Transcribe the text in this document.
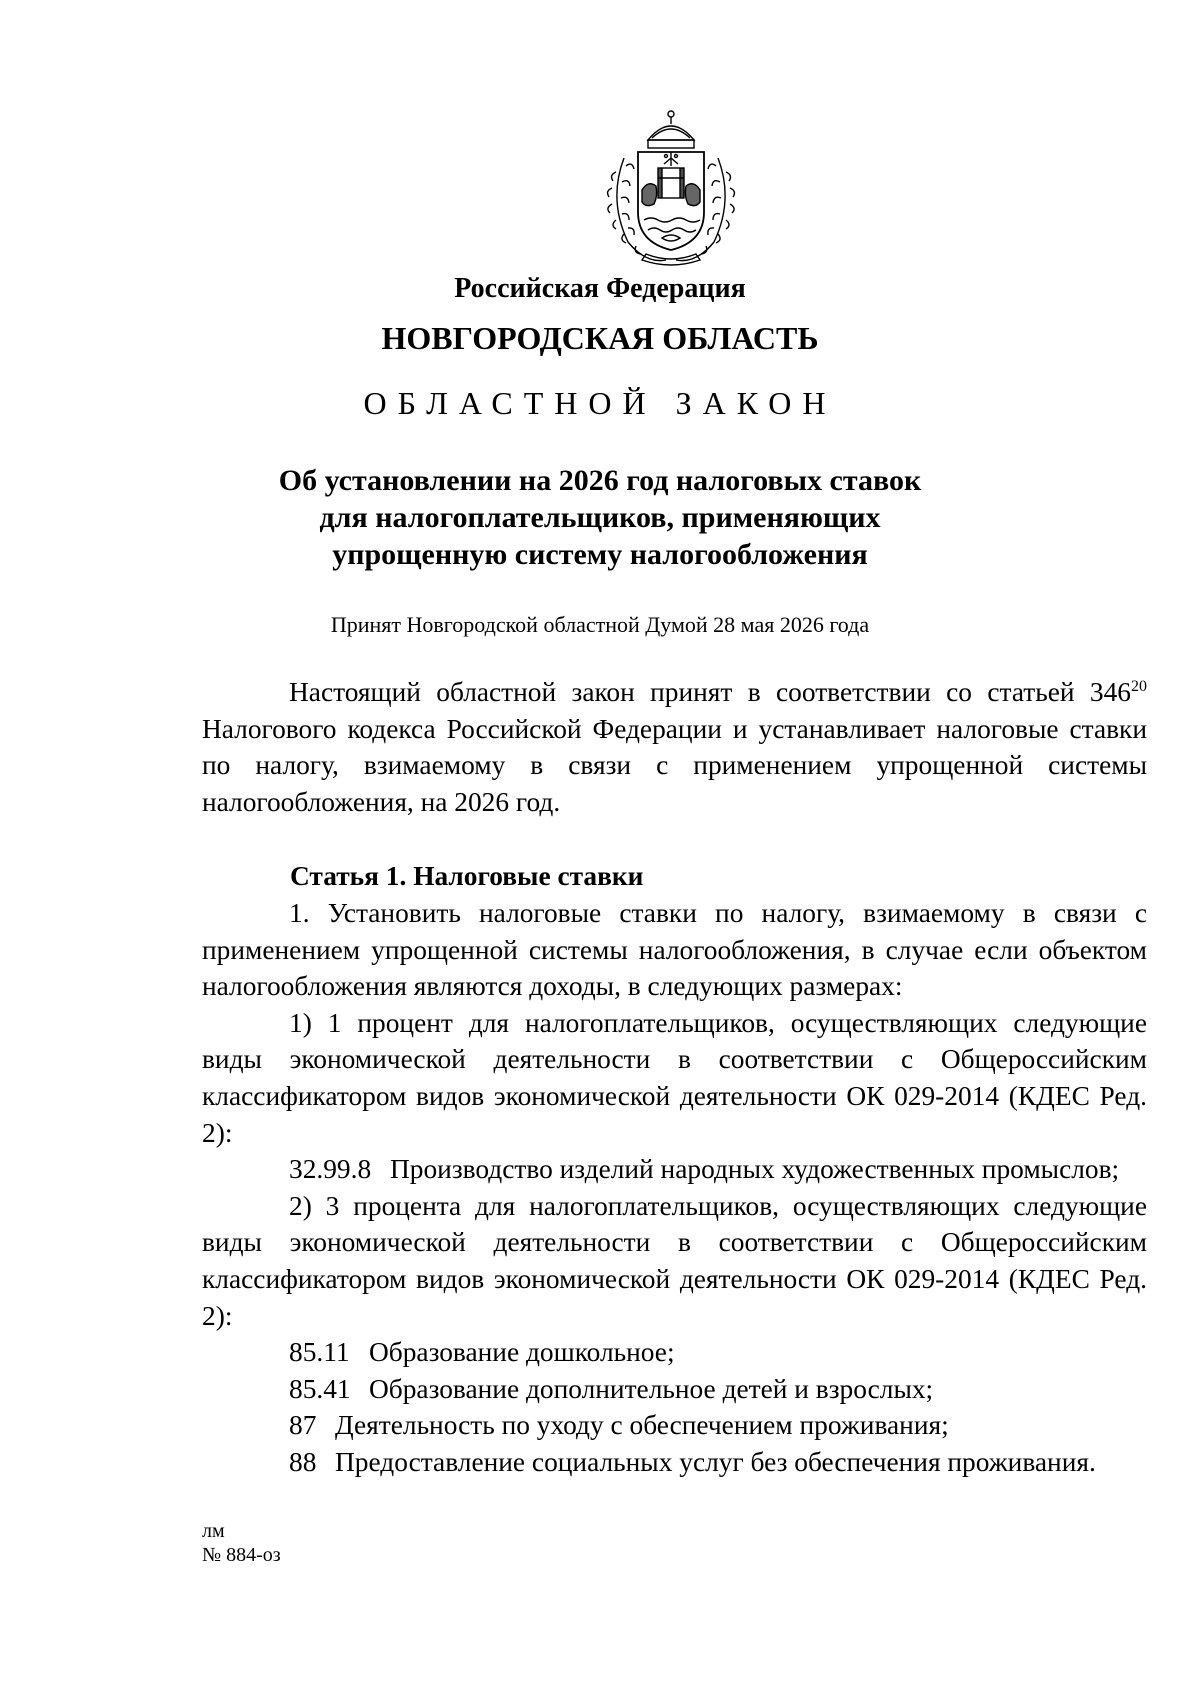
Российская Федерация
НОВГОРОДСКАЯ ОБЛАСТЬ
ОБЛАСТНОЙ ЗАКОН
Об установлении на 2026 год налоговых ставок
для налогоплательщиков, применяющих
упрощенную систему налогообложения
Принят Новгородской областной Думой 28 мая 2026 года

Настоящий областной закон принят в соответствии со статьей $346^{20}$ Налогового кодекса Российской Федерации и устанавливает налоговые ставки по налогу, взимаемому в связи с применением упрощенной системы налогообложения, на 2026 год.

Статья 1. Налоговые ставки

1. Установить налоговые ставки по налогу, взимаемому в связи с применением упрощенной системы налогообложения, в случае если объектом налогообложения являются доходы, в следующих размерах:

1) 1 процент для налогоплательщиков, осуществляющих следующие виды экономической деятельности в соответствии с Общероссийским классификатором видов экономической деятельности ОК 029-2014 (КДЕС Ред. 2):

32.99.8 Производство изделий народных художественных промыслов;

2) 3 процента для налогоплательщиков, осуществляющих следующие виды экономической деятельности в соответствии с Общероссийским классификатором видов экономической деятельности ОК 029-2014 (КДЕС Ред. 2):

85.11 Образование дошкольное;

85.41 Образование дополнительное детей и взрослых;

87 Деятельность по уходу с обеспечением проживания;

88 Предоставление социальных услуг без обеспечения проживания.

лм
№ 884-оз
